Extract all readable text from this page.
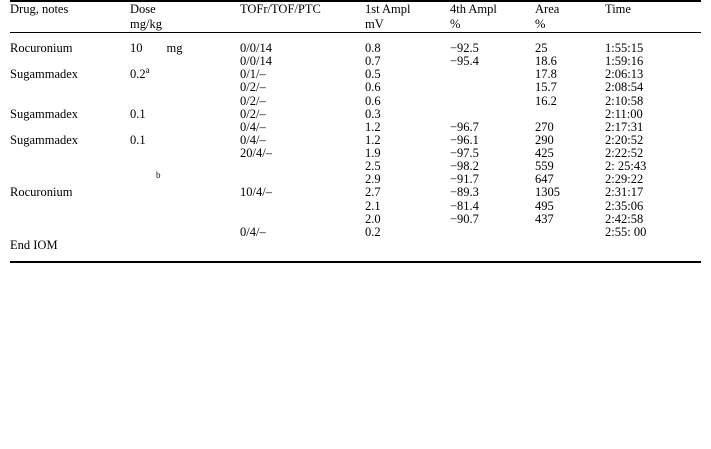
Drug, notes	Dose	TOFr/TOF/PTC	1st Ampl	4th Ampl	Area	Time
	mg/kg		mV	%	%	
Rocuronium	10 mg	0/0/14	0.8	−92.5	25	1:55:15
		0/0/14	0.7	−95.4	18.6	1:59:16
Sugammadex	0.2$^a$	0/1/–	0.5		17.8	2:06:13
		0/2/–	0.6		15.7	2:08:54
		0/2/–	0.6		16.2	2:10:58
Sugammadex	0.1	0/2/–	0.3			2:11:00
		0/4/–	1.2	−96.7	270	2:17:31
Sugammadex	0.1	0/4/–	1.2	−96.1	290	2:20:52
		20/4/–	1.9	−97.5	425	2:22:52
			2.5	−98.2	559	2: 25:43
	$^b$		2.9	−91.7	647	2:29:22
Rocuronium		10/4/–	2.7	−89.3	1305	2:31:17
			2.1	−81.4	495	2:35:06
			2.0	−90.7	437	2:42:58
		0/4/–	0.2			2:55: 00
End IOM						
